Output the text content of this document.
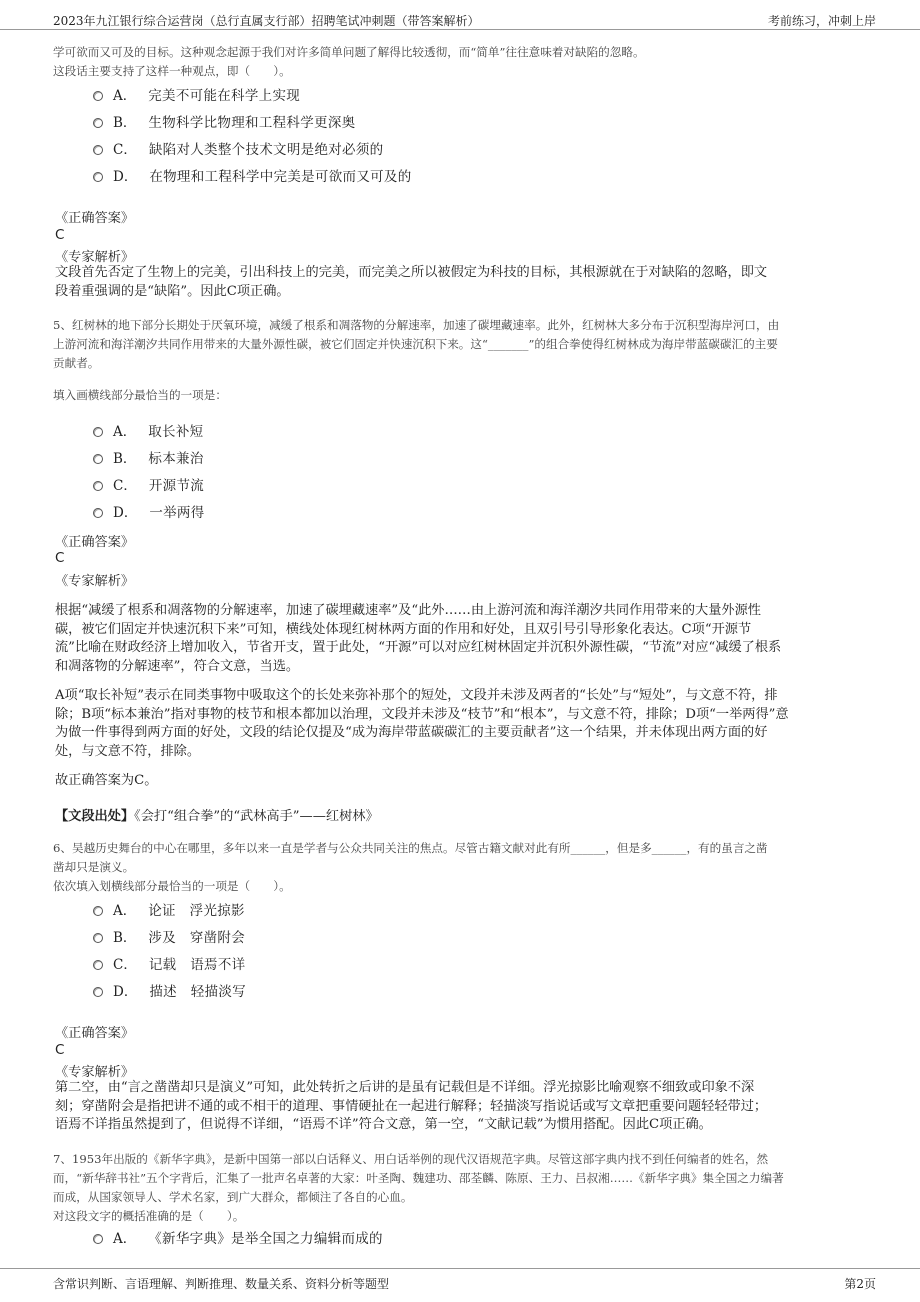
2023年九江银行综合运营岗（总行直属支行部）招聘笔试冲刺题（带答案解析）	考前练习，冲刺上岸
学可欲而又可及的目标。这种观念起源于我们对许多简单问题了解得比较透彻，而“简单”往往意味着对缺陷的忽略。
这段话主要支持了这样一种观点，即（　　）。
A． 完美不可能在科学上实现
B． 生物科学比物理和工程科学更深奥
C． 缺陷对人类整个技术文明是绝对必须的
D． 在物理和工程科学中完美是可欲而又可及的
《正确答案》
C
《专家解析》
文段首先否定了生物上的完美，引出科技上的完美，而完美之所以被假定为科技的目标，其根源就在于对缺陷的忽略，即文
段着重强调的是“缺陷”。因此C项正确。
5、红树林的地下部分长期处于厌氧环境，减缓了根系和凋落物的分解速率，加速了碳埋藏速率。此外，红树林大多分布于沉积型海岸河口，由
上游河流和海洋潮汐共同作用带来的大量外源性碳，被它们固定并快速沉积下来。这“_______”的组合拳使得红树林成为海岸带蓝碳碳汇的主要
贡献者。
填入画横线部分最恰当的一项是：
A． 取长补短
B． 标本兼治
C． 开源节流
D． 一举两得
《正确答案》
C
《专家解析》
根据“减缓了根系和凋落物的分解速率，加速了碳埋藏速率”及“此外……由上游河流和海洋潮汐共同作用带来的大量外源性
碳，被它们固定并快速沉积下来”可知，横线处体现红树林两方面的作用和好处，且双引号引导形象化表达。C项“开源节
流”比喻在财政经济上增加收入，节省开支，置于此处，“开源”可以对应红树林固定并沉积外源性碳，“节流”对应“减缓了根系
和凋落物的分解速率”，符合文意，当选。
A项“取长补短”表示在同类事物中吸取这个的长处来弥补那个的短处，文段并未涉及两者的“长处”与“短处”，与文意不符，排
除；B项“标本兼治”指对事物的枝节和根本都加以治理，文段并未涉及“枝节”和“根本”，与文意不符，排除；D项“一举两得”意
为做一件事得到两方面的好处，文段的结论仅提及“成为海岸带蓝碳碳汇的主要贡献者”这一个结果，并未体现出两方面的好
处，与文意不符，排除。
故正确答案为C。
【文段出处】《会打“组合拳”的“武林高手”——红树林》
6、吴越历史舞台的中心在哪里，多年以来一直是学者与公众共同关注的焦点。尽管古籍文献对此有所______，但是多______，有的虽言之凿
凿却只是演义。
依次填入划横线部分最恰当的一项是（　　）。
A． 论证　浮光掠影
B． 涉及　穿凿附会
C． 记载　语焉不详
D． 描述　轻描淡写
《正确答案》
C
《专家解析》
第二空，由“言之凿凿却只是演义”可知，此处转折之后讲的是虽有记载但是不详细。浮光掠影比喻观察不细致或印象不深
刻；穿凿附会是指把讲不通的或不相干的道理、事情硬扯在一起进行解释；轻描淡写指说话或写文章把重要问题轻轻带过；
语焉不详指虽然提到了，但说得不详细，“语焉不详”符合文意，第一空，“文献记载”为惯用搭配。因此C项正确。
7、1953年出版的《新华字典》，是新中国第一部以白话释义、用白话举例的现代汉语规范字典。尽管这部字典内找不到任何编者的姓名，然
而，“新华辞书社”五个字背后，汇集了一批声名卓著的大家：叶圣陶、魏建功、邵荃麟、陈原、王力、吕叔湘……《新华字典》集全国之力编著
而成，从国家领导人、学术名家，到广大群众，都倾注了各自的心血。
对这段文字的概括准确的是（　　）。
A． 《新华字典》是举全国之力编辑而成的
含常识判断、言语理解、判断推理、数量关系、资料分析等题型	第2页
